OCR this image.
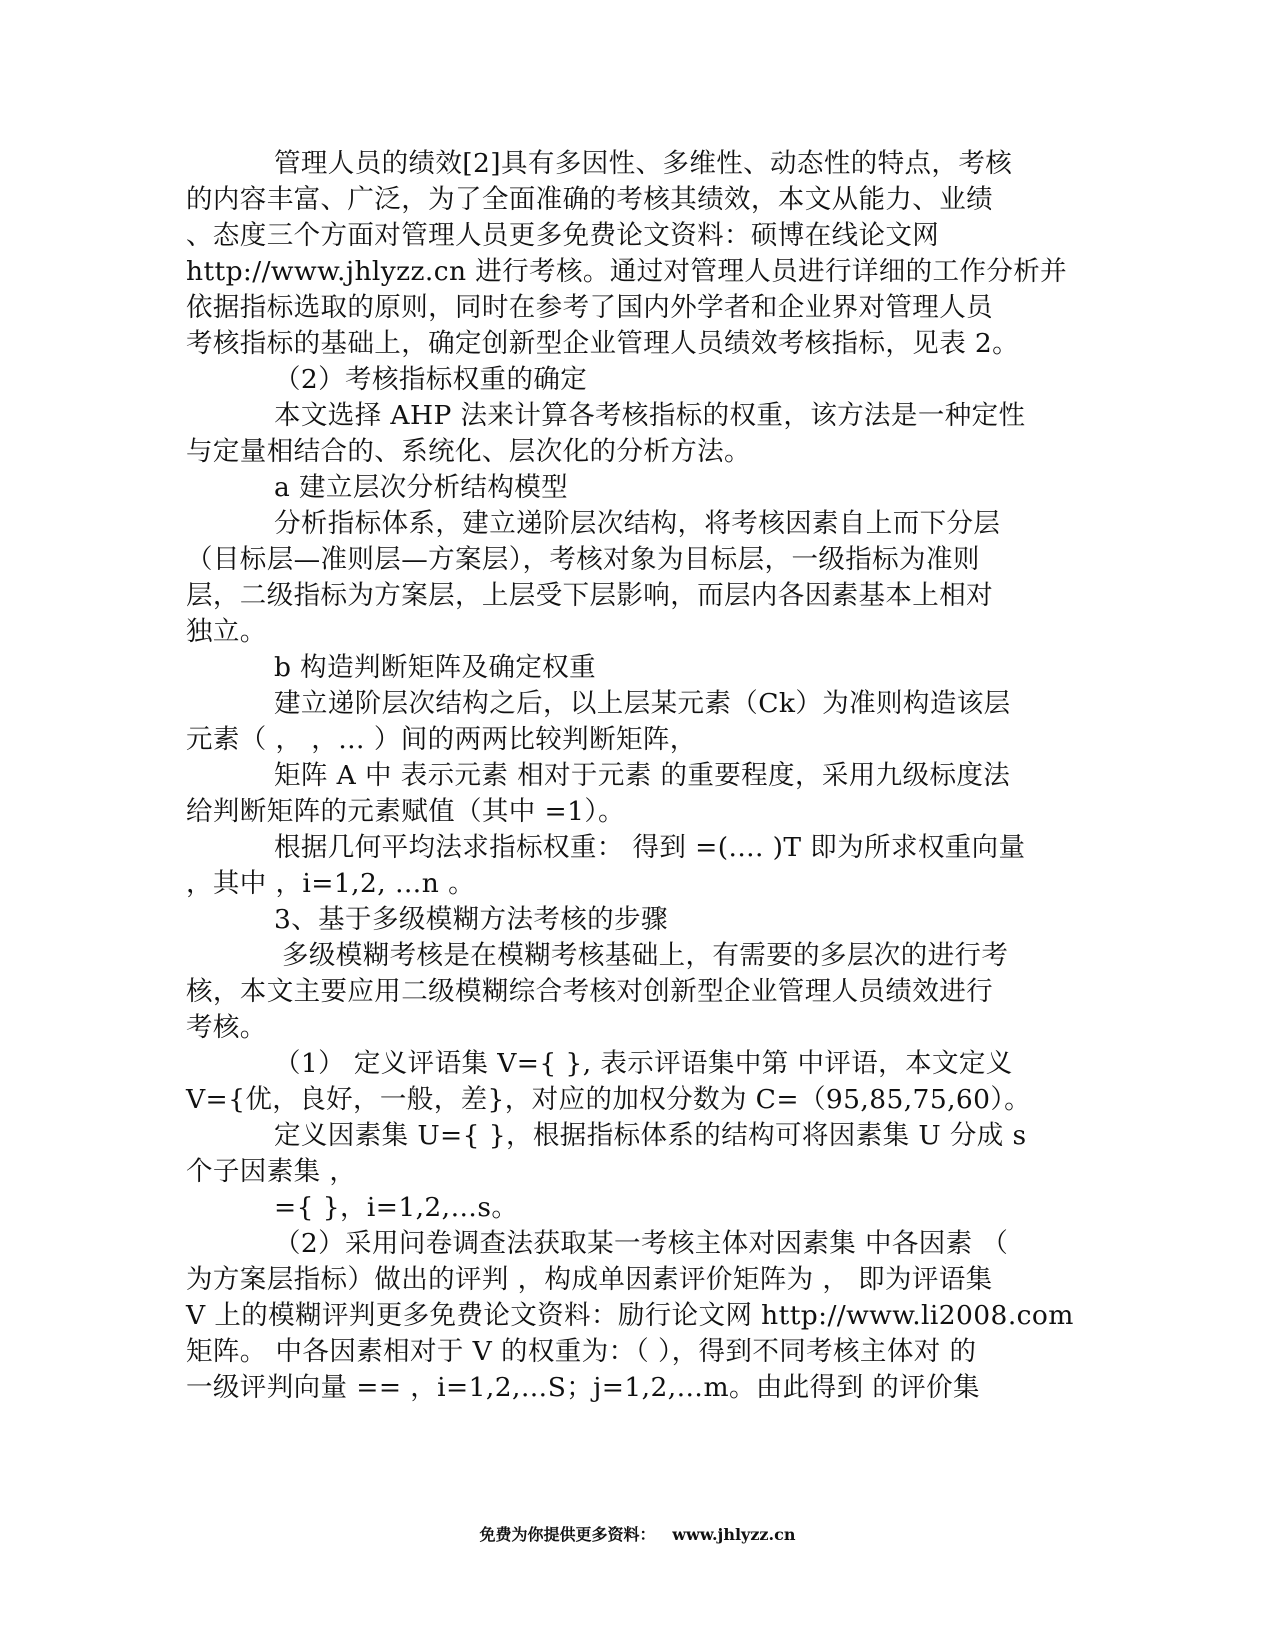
管理人员的绩效[2]具有多因性、多维性、动态性的特点，考核
的内容丰富、广泛，为了全面准确的考核其绩效，本文从能力、业绩
、态度三个方面对管理人员更多免费论文资料：硕博在线论文网
http://www.jhlyzz.cn 进行考核。通过对管理人员进行详细的工作分析并
依据指标选取的原则，同时在参考了国内外学者和企业界对管理人员
考核指标的基础上，确定创新型企业管理人员绩效考核指标，见表 2。
（2）考核指标权重的确定
本文选择 AHP 法来计算各考核指标的权重，该方法是一种定性
与定量相结合的、系统化、层次化的分析方法。
a 建立层次分析结构模型
分析指标体系，建立递阶层次结构，将考核因素自上而下分层
（目标层—准则层—方案层），考核对象为目标层，一级指标为准则
层，二级指标为方案层，上层受下层影响，而层内各因素基本上相对
独立。
b 构造判断矩阵及确定权重
建立递阶层次结构之后，以上层某元素（Ck）为准则构造该层
元素（ ， ，… ）间的两两比较判断矩阵，
矩阵 A 中 表示元素 相对于元素 的重要程度，采用九级标度法
给判断矩阵的元素赋值（其中 =1）。
根据几何平均法求指标权重： 得到 =(.... )T 即为所求权重向量
，其中 ，i=1,2, …n 。
3、基于多级模糊方法考核的步骤
多级模糊考核是在模糊考核基础上，有需要的多层次的进行考
核，本文主要应用二级模糊综合考核对创新型企业管理人员绩效进行
考核。
（1） 定义评语集 V={ }, 表示评语集中第 中评语，本文定义
V={优，良好，一般，差}，对应的加权分数为 C=（95,85,75,60）。
定义因素集 U={ }，根据指标体系的结构可将因素集 U 分成 s
个子因素集 ，
={ }，i=1,2,…s。
（2）采用问卷调查法获取某一考核主体对因素集 中各因素 （
为方案层指标）做出的评判 ，构成单因素评价矩阵为 ， 即为评语集
V 上的模糊评判更多免费论文资料：励行论文网 http://www.li2008.com
矩阵。 中各因素相对于 V 的权重为：（ ），得到不同考核主体对 的
一级评判向量 == ，i=1,2,…S；j=1,2,…m。由此得到 的评价集
免费为你提供更多资料： www.jhlyzz.cn
